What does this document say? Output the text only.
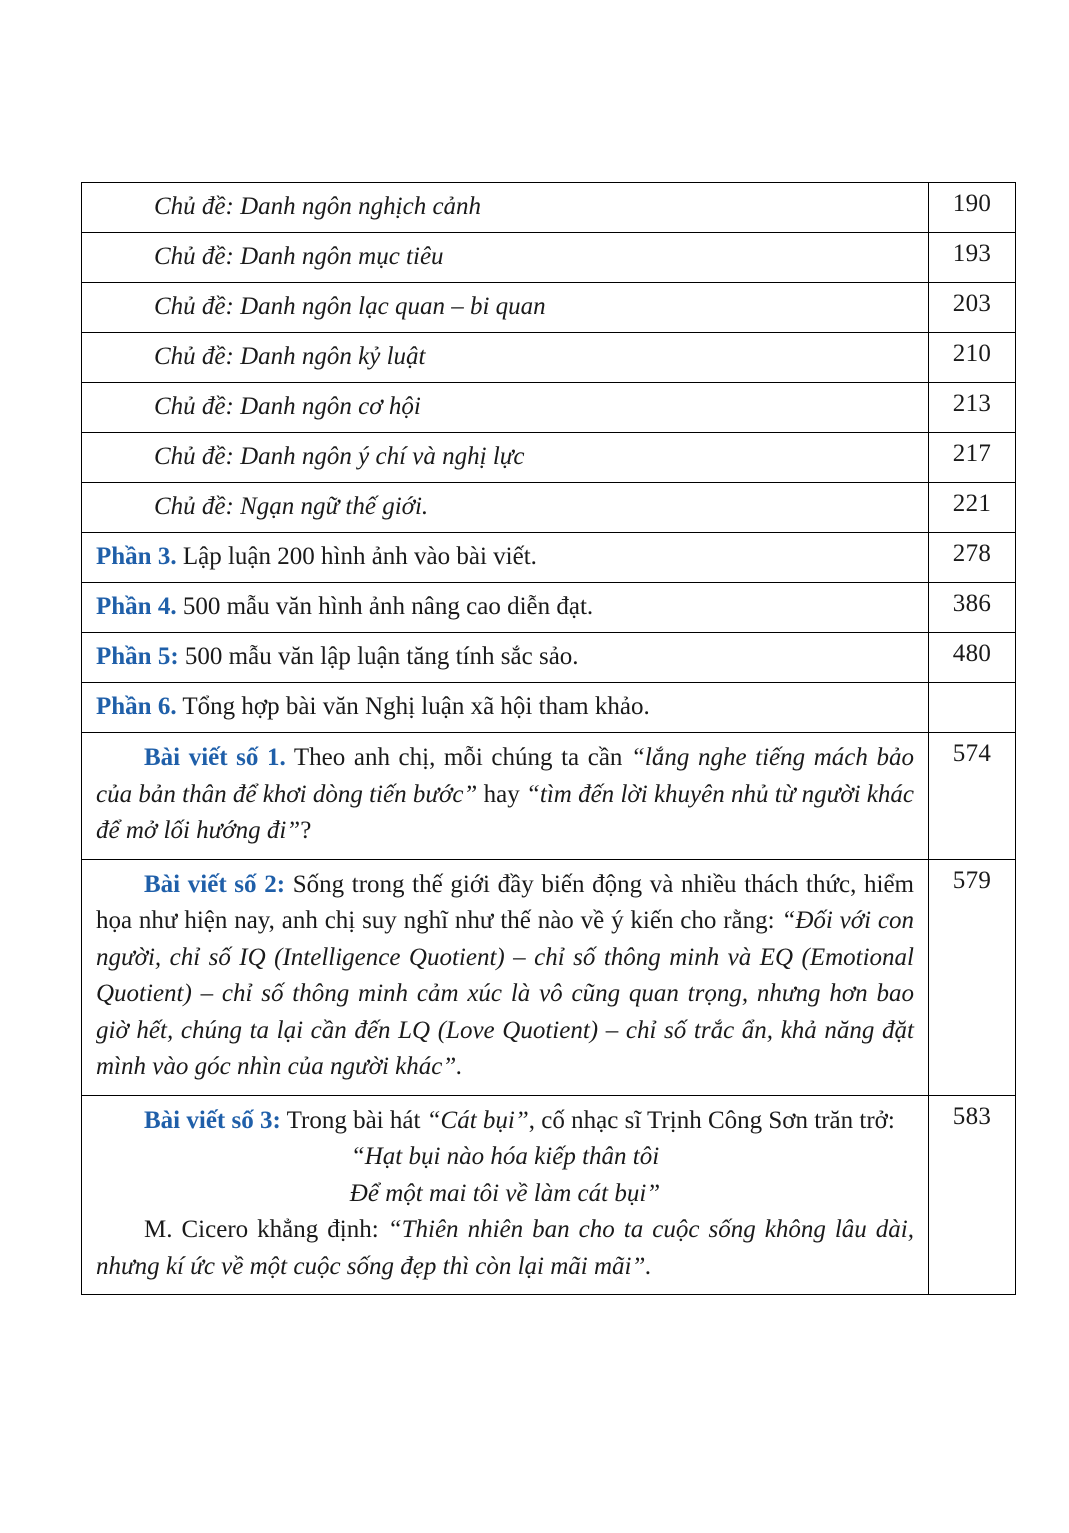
Chủ đề: Danh ngôn nghịch cảnh	190

Chủ đề: Danh ngôn mục tiêu	193

Chủ đề: Danh ngôn lạc quan – bi quan	203

Chủ đề: Danh ngôn kỷ luật	210

Chủ đề: Danh ngôn cơ hội	213

Chủ đề: Danh ngôn ý chí và nghị lực	217

Chủ đề: Ngạn ngữ thế giới.	221

Phần 3. Lập luận 200 hình ảnh vào bài viết.	278

Phần 4. 500 mẫu văn hình ảnh nâng cao diễn đạt.	386

Phần 5: 500 mẫu văn lập luận tăng tính sắc sảo.	480

Phần 6. Tổng hợp bài văn Nghị luận xã hội tham khảo.	

Bài viết số 1. Theo anh chị, mỗi chúng ta cần “lắng nghe tiếng mách bảo của bản thân để khơi dòng tiến bước” hay “tìm đến lời khuyên nhủ từ người khác để mở lối hướng đi”?	574

Bài viết số 2: Sống trong thế giới đầy biến động và nhiều thách thức, hiểm họa như hiện nay, anh chị suy nghĩ như thế nào về ý kiến cho rằng: “Đối với con người, chỉ số IQ (Intelligence Quotient) – chỉ số thông minh và EQ (Emotional Quotient) – chỉ số thông minh cảm xúc là vô cũng quan trọng, nhưng hơn bao giờ hết, chúng ta lại cần đến LQ (Love Quotient) – chỉ số trắc ẩn, khả năng đặt mình vào góc nhìn của người khác”.	579

Bài viết số 3: Trong bài hát “Cát bụi”, cố nhạc sĩ Trịnh Công Sơn trăn trở:

“Hạt bụi nào hóa kiếp thân tôi
Để một mai tôi về làm cát bụi”

M. Cicero khẳng định: “Thiên nhiên ban cho ta cuộc sống không lâu dài, nhưng kí ức về một cuộc sống đẹp thì còn lại mãi mãi”.	583
